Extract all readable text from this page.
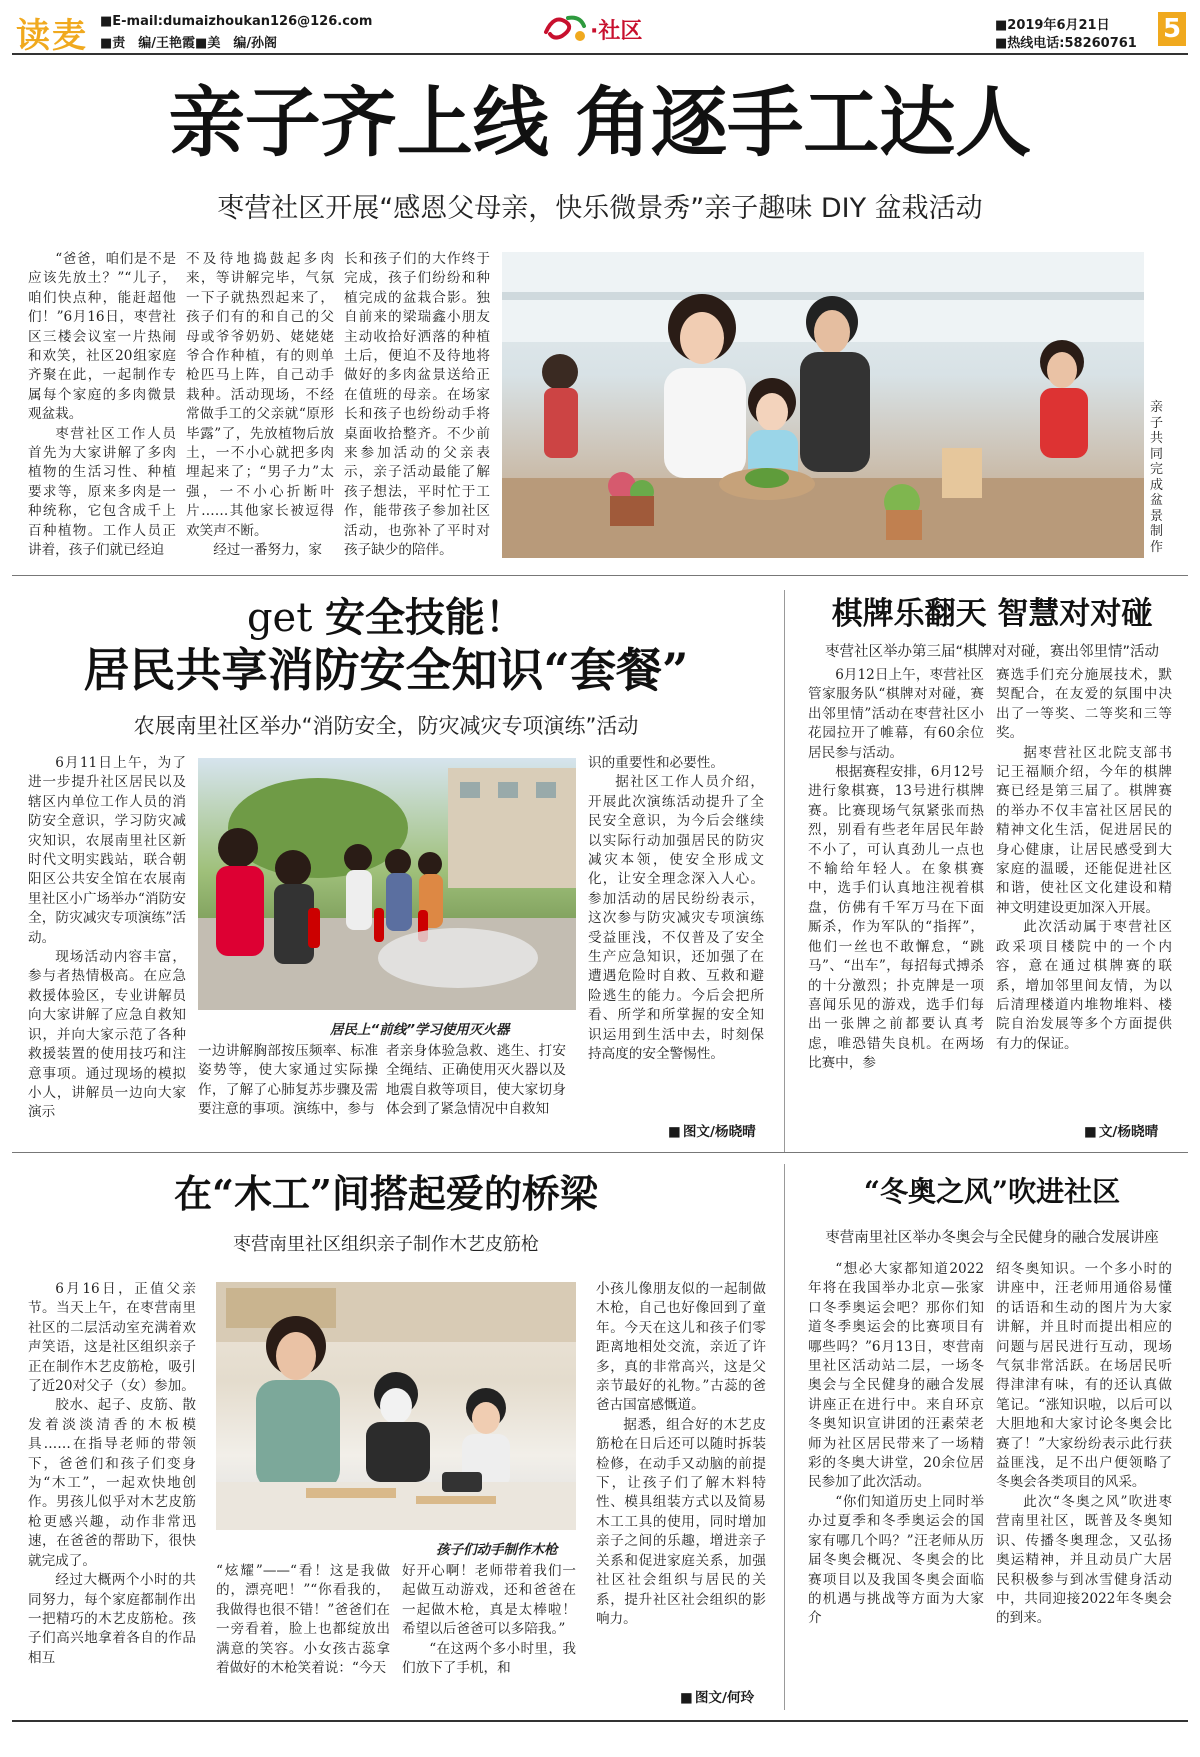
读麦 ■E-mail:dumaizhoukan126@126.com
■责　编/王艳霞■美　编/孙阁	·社区	■2019年6月21日
■热线电话:58260761 5
亲子齐上线 角逐手工达人
枣营社区开展“感恩父母亲，快乐微景秀”亲子趣味 DIY 盆栽活动

“爸爸，咱们是不是应该先放土？”“儿子，咱们快点种，能赶超他们！”6月16日，枣营社区三楼会议室一片热闹和欢笑，社区20组家庭齐聚在此，一起制作专属每个家庭的多肉微景观盆栽。

枣营社区工作人员首先为大家讲解了多肉植物的生活习性、种植要求等，原来多肉是一种统称，它包含成千上百种植物。工作人员正讲着，孩子们就已经迫

不及待地捣鼓起多肉来，等讲解完毕，气氛一下子就热烈起来了，孩子们有的和自己的父母或爷爷奶奶、姥姥姥爷合作种植，有的则单枪匹马上阵，自己动手栽种。活动现场，不经常做手工的父亲就“原形毕露”了，先放植物后放土，一不小心就把多肉埋起来了；“男子力”太强，一不小心折断叶片……其他家长被逗得欢笑声不断。

经过一番努力，家

长和孩子们的大作终于完成，孩子们纷纷和种植完成的盆栽合影。独自前来的梁瑞鑫小朋友主动收拾好洒落的种植土后，便迫不及待地将做好的多肉盆景送给正在值班的母亲。在场家长和孩子也纷纷动手将桌面收拾整齐。不少前来参加活动的父亲表示，亲子活动最能了解孩子想法，平时忙于工作，能带孩子参加社区活动，也弥补了平时对孩子缺少的陪伴。

亲子共同完成盆景制作
get 安全技能！
居民共享消防安全知识“套餐”
农展南里社区举办“消防安全，防灾减灾专项演练”活动

6月11日上午，为了进一步提升社区居民以及辖区内单位工作人员的消防安全意识，学习防灾减灾知识，农展南里社区新时代文明实践站，联合朝阳区公共安全馆在农展南里社区小广场举办“消防安全，防灾减灾专项演练”活动。

现场活动内容丰富，参与者热情极高。在应急救援体验区，专业讲解员向大家讲解了应急自救知识，并向大家示范了各种救援装置的使用技巧和注意事项。通过现场的模拟小人，讲解员一边向大家演示

居民上“前线”学习使用灭火器

一边讲解胸部按压频率、标准姿势等，使大家通过实际操作，了解了心肺复苏步骤及需要注意的事项。演练中，参与

者亲身体验急救、逃生、打安全绳结、正确使用灭火器以及地震自救等项目，使大家切身体会到了紧急情况中自救知

识的重要性和必要性。

据社区工作人员介绍，开展此次演练活动提升了全民安全意识，为今后会继续以实际行动加强居民的防灾减灾本领，使安全形成文化，让安全理念深入人心。参加活动的居民纷纷表示，这次参与防灾减灾专项演练受益匪浅，不仅普及了安全生产应急知识，还加强了在遭遇危险时自救、互救和避险逃生的能力。今后会把所看、所学和所掌握的安全知识运用到生活中去，时刻保持高度的安全警惕性。

■ 图文/杨晓晴
棋牌乐翻天 智慧对对碰
枣营社区举办第三届“棋牌对对碰，赛出邻里情”活动

6月12日上午，枣营社区管家服务队“棋牌对对碰，赛出邻里情”活动在枣营社区小花园拉开了帷幕，有60余位居民参与活动。

根据赛程安排，6月12号进行象棋赛，13号进行棋牌赛。比赛现场气氛紧张而热烈，别看有些老年居民年龄不小了，可认真劲儿一点也不输给年轻人。在象棋赛中，选手们认真地注视着棋盘，仿佛有千军万马在下面厮杀，作为军队的“指挥”，他们一丝也不敢懈怠，“跳马”、“出车”，每招每式搏杀的十分激烈；扑克牌是一项喜闻乐见的游戏，选手们每出一张牌之前都要认真考虑，唯恐错失良机。在两场比赛中，参

赛选手们充分施展技术，默契配合，在友爱的氛围中决出了一等奖、二等奖和三等奖。

据枣营社区北院支部书记王福顺介绍，今年的棋牌赛已经是第三届了。棋牌赛的举办不仅丰富社区居民的精神文化生活，促进居民的身心健康，让居民感受到大家庭的温暖，还能促进社区和谐，使社区文化建设和精神文明建设更加深入开展。

此次活动属于枣营社区政采项目楼院中的一个内容，意在通过棋牌赛的联系，增加邻里间友情，为以后清理楼道内堆物堆料、楼院自治发展等多个方面提供有力的保证。

■ 文/杨晓晴
在“木工”间搭起爱的桥梁
枣营南里社区组织亲子制作木艺皮筋枪

6月16日，正值父亲节。当天上午，在枣营南里社区的二层活动室充满着欢声笑语，这是社区组织亲子正在制作木艺皮筋枪，吸引了近20对父子（女）参加。

胶水、起子、皮筋、散发着淡淡清香的木板模具……在指导老师的带领下，爸爸们和孩子们变身为“木工”，一起欢快地创作。男孩儿似乎对木艺皮筋枪更感兴趣，动作非常迅速，在爸爸的帮助下，很快就完成了。

经过大概两个小时的共同努力，每个家庭都制作出一把精巧的木艺皮筋枪。孩子们高兴地拿着各自的作品相互

孩子们动手制作木枪

“炫耀”——“看！这是我做的，漂亮吧！”“你看我的，我做得也很不错！”爸爸们在一旁看着，脸上也都绽放出满意的笑容。小女孩古蕊拿着做好的木枪笑着说：“今天

好开心啊！老师带着我们一起做互动游戏，还和爸爸在一起做木枪，真是太棒啦！希望以后爸爸可以多陪我。”

“在这两个多小时里，我们放下了手机，和

小孩儿像朋友似的一起制做木枪，自己也好像回到了童年。今天在这儿和孩子们零距离地相处交流，亲近了许多，真的非常高兴，这是父亲节最好的礼物。”古蕊的爸爸古国富感慨道。

据悉，组合好的木艺皮筋枪在日后还可以随时拆装检修，在动手又动脑的前提下，让孩子们了解木料特性、模具组装方式以及简易木工工具的使用，同时增加亲子之间的乐趣，增进亲子关系和促进家庭关系，加强社区社会组织与居民的关系，提升社区社会组织的影响力。

■ 图文/何玲
“冬奥之风”吹进社区
枣营南里社区举办冬奥会与全民健身的融合发展讲座

“想必大家都知道2022年将在我国举办北京—张家口冬季奥运会吧？那你们知道冬季奥运会的比赛项目有哪些吗？”6月13日，枣营南里社区活动站二层，一场冬奥会与全民健身的融合发展讲座正在进行中。来自环京冬奥知识宣讲团的汪素荣老师为社区居民带来了一场精彩的冬奥大讲堂，20余位居民参加了此次活动。

“你们知道历史上同时举办过夏季和冬季奥运会的国家有哪几个吗？”汪老师从历届冬奥会概况、冬奥会的比赛项目以及我国冬奥会面临的机遇与挑战等方面为大家介

绍冬奥知识。一个多小时的讲座中，汪老师用通俗易懂的话语和生动的图片为大家讲解，并且时而提出相应的问题与居民进行互动，现场气氛非常活跃。在场居民听得津津有味，有的还认真做笔记。“涨知识啦，以后可以大胆地和大家讨论冬奥会比赛了！”大家纷纷表示此行获益匪浅，足不出户便领略了冬奥会各类项目的风采。

此次“冬奥之风”吹进枣营南里社区，既普及冬奥知识、传播冬奥理念，又弘扬奥运精神，并且动员广大居民积极参与到冰雪健身活动中，共同迎接2022年冬奥会的到来。
